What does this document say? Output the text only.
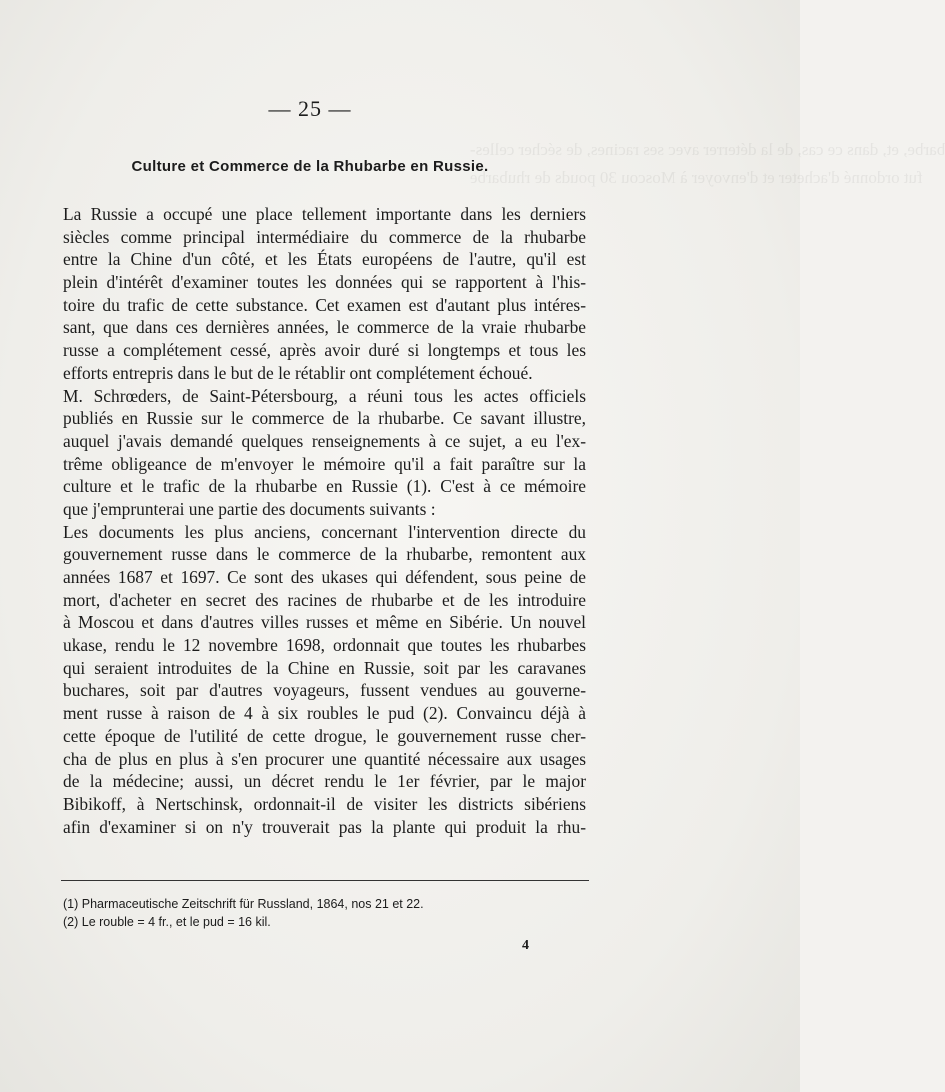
barbe, et, dans ce cas, de la déterrer avec ses racines, de sécher celles-
fut ordonné d'acheter et d'envoyer à Moscou 30 pouds de rhubarbe
— 25 —
Culture et Commerce de la Rhubarbe en Russie.
La Russie a occupé une place tellement importante dans les derniers
siècles comme principal intermédiaire du commerce de la rhubarbe
entre la Chine d'un côté, et les États européens de l'autre, qu'il est
plein d'intérêt d'examiner toutes les données qui se rapportent à l'his-
toire du trafic de cette substance. Cet examen est d'autant plus intéres-
sant, que dans ces dernières années, le commerce de la vraie rhubarbe
russe a complétement cessé, après avoir duré si longtemps et tous les
efforts entrepris dans le but de le rétablir ont complétement échoué.
M. Schrœders, de Saint-Pétersbourg, a réuni tous les actes officiels
publiés en Russie sur le commerce de la rhubarbe. Ce savant illustre,
auquel j'avais demandé quelques renseignements à ce sujet, a eu l'ex-
trême obligeance de m'envoyer le mémoire qu'il a fait paraître sur la
culture et le trafic de la rhubarbe en Russie (1). C'est à ce mémoire
que j'emprunterai une partie des documents suivants :
Les documents les plus anciens, concernant l'intervention directe du
gouvernement russe dans le commerce de la rhubarbe, remontent aux
années 1687 et 1697. Ce sont des ukases qui défendent, sous peine de
mort, d'acheter en secret des racines de rhubarbe et de les introduire
à Moscou et dans d'autres villes russes et même en Sibérie. Un nouvel
ukase, rendu le 12 novembre 1698, ordonnait que toutes les rhubarbes
qui seraient introduites de la Chine en Russie, soit par les caravanes
buchares, soit par d'autres voyageurs, fussent vendues au gouverne-
ment russe à raison de 4 à six roubles le pud (2). Convaincu déjà à
cette époque de l'utilité de cette drogue, le gouvernement russe cher-
cha de plus en plus à s'en procurer une quantité nécessaire aux usages
de la médecine; aussi, un décret rendu le 1er février, par le major
Bibikoff, à Nertschinsk, ordonnait-il de visiter les districts sibériens
afin d'examiner si on n'y trouverait pas la plante qui produit la rhu-
(1) Pharmaceutische Zeitschrift für Russland, 1864, nos 21 et 22.
(2) Le rouble = 4 fr., et le pud = 16 kil.
4
